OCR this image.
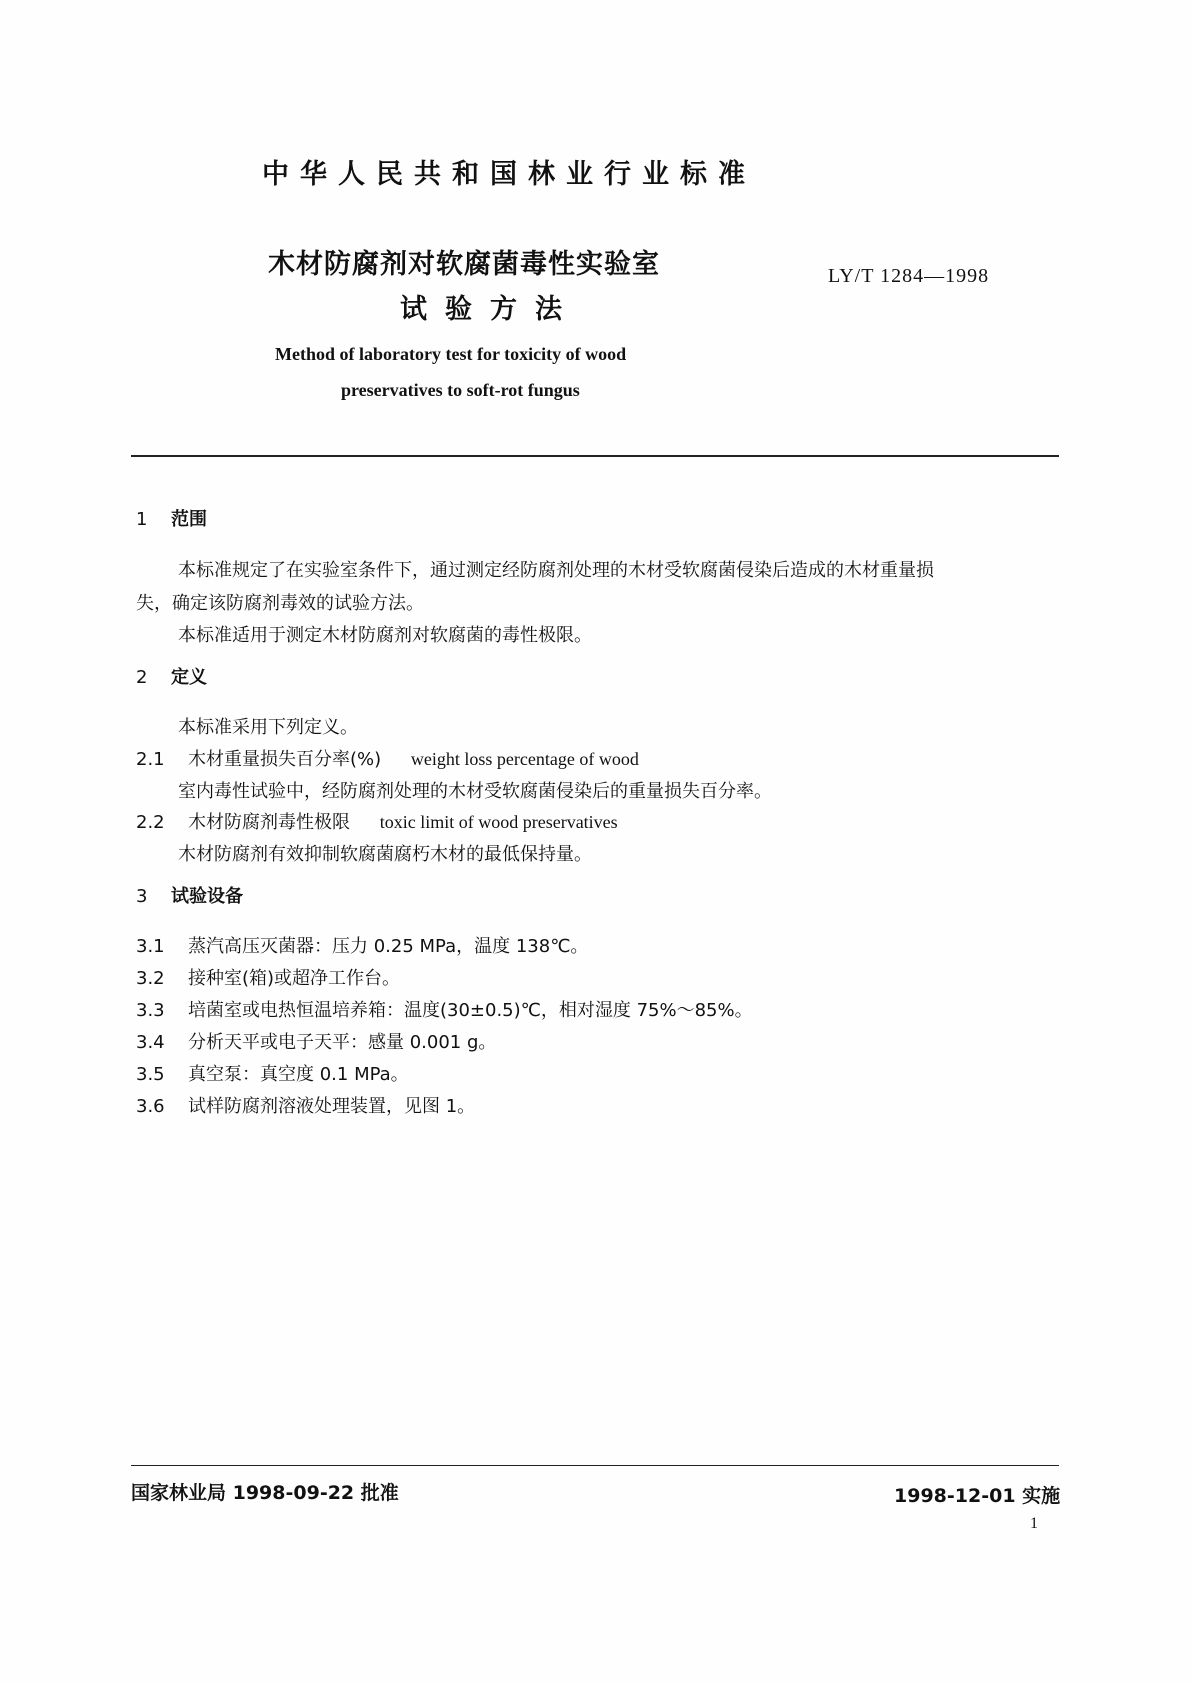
中华人民共和国林业行业标准
木材防腐剂对软腐菌毒性实验室
试验方法
LY/T 1284—1998
Method of laboratory test for toxicity of wood
preservatives to soft-rot fungus
1 范围
本标准规定了在实验室条件下，通过测定经防腐剂处理的木材受软腐菌侵染后造成的木材重量损
失，确定该防腐剂毒效的试验方法。
本标准适用于测定木材防腐剂对软腐菌的毒性极限。
2 定义
本标准采用下列定义。
2.1 木材重量损失百分率(%) weight loss percentage of wood
室内毒性试验中，经防腐剂处理的木材受软腐菌侵染后的重量损失百分率。
2.2 木材防腐剂毒性极限 toxic limit of wood preservatives
木材防腐剂有效抑制软腐菌腐朽木材的最低保持量。
3 试验设备
3.1 蒸汽高压灭菌器：压力 0.25 MPa，温度 138℃。
3.2 接种室(箱)或超净工作台。
3.3 培菌室或电热恒温培养箱：温度(30±0.5)℃，相对湿度 75%～85%。
3.4 分析天平或电子天平：感量 0.001 g。
3.5 真空泵：真空度 0.1 MPa。
3.6 试样防腐剂溶液处理装置，见图 1。
国家林业局 1998-09-22 批准	1998-12-01 实施
1
